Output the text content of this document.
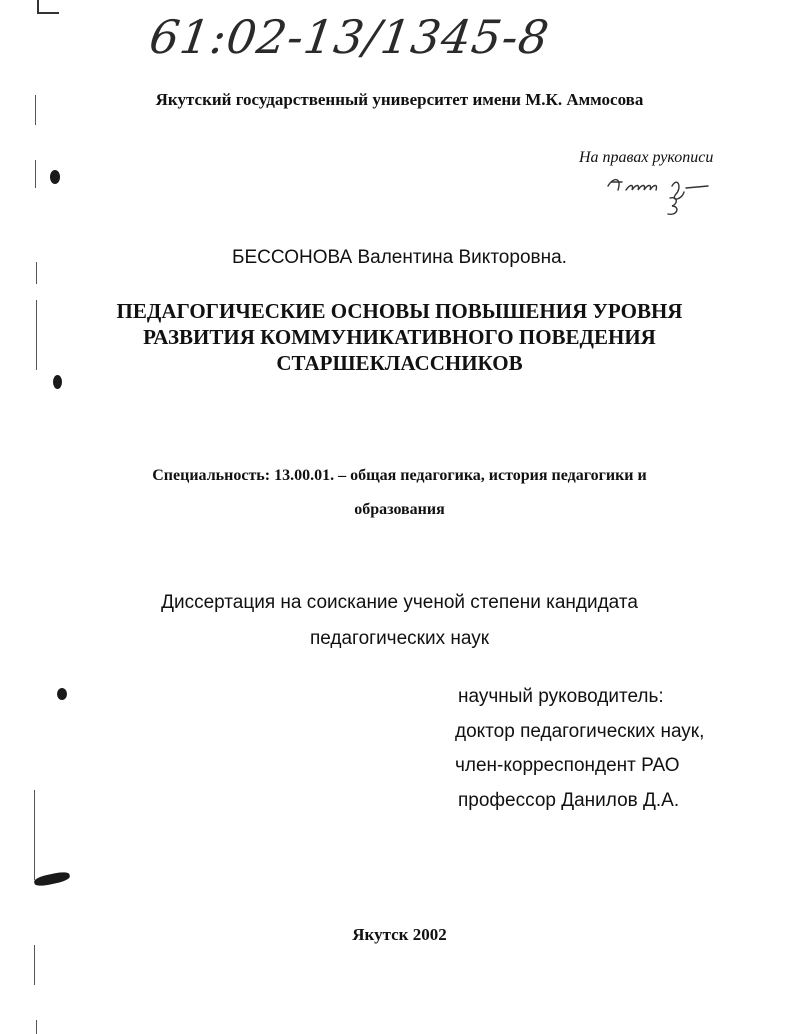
61:02-13/1345-8
Якутский государственный университет имени М.К. Аммосова
На правах рукописи
БЕССОНОВА Валентина Викторовна.
ПЕДАГОГИЧЕСКИЕ ОСНОВЫ ПОВЫШЕНИЯ УРОВНЯ
РАЗВИТИЯ КОММУНИКАТИВНОГО ПОВЕДЕНИЯ
СТАРШЕКЛАССНИКОВ
Специальность: 13.00.01. – общая педагогика, история педагогики и
образования
Диссертация на соискание ученой степени кандидата
педагогических наук
научный руководитель:
доктор педагогических наук,
член-корреспондент РАО
профессор Данилов Д.А.
Якутск 2002
